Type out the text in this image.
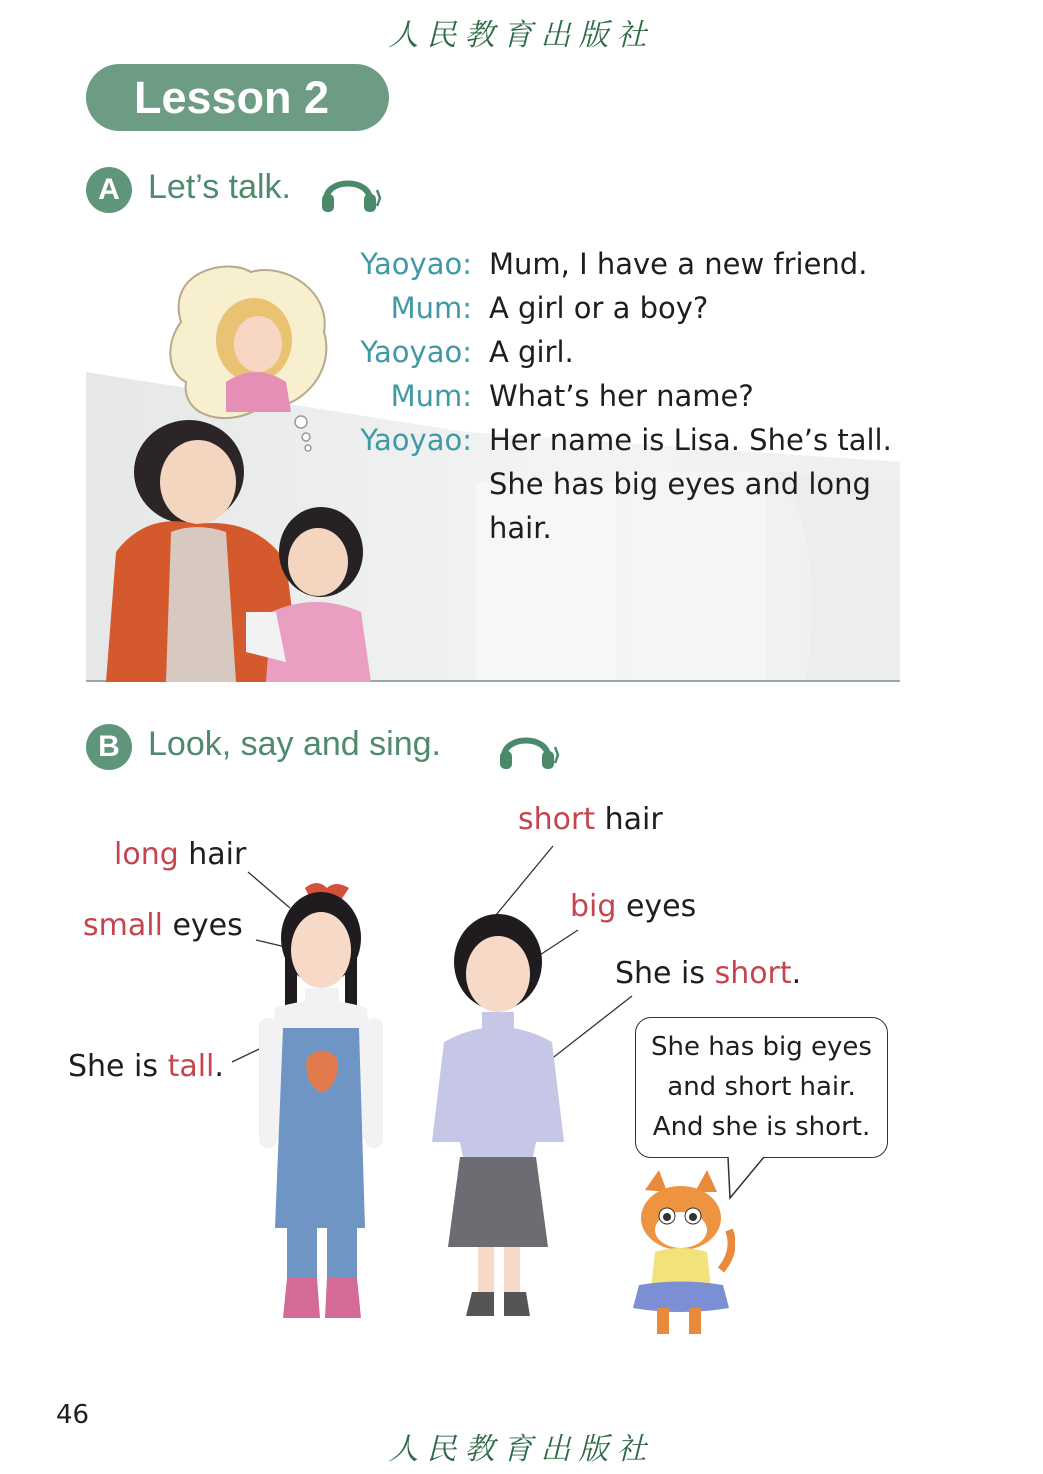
人民教育出版社
Lesson 2
A Let’s talk.
Yaoyao: Mum, I have a new friend.
Mum: A girl or a boy?
Yaoyao: A girl.
Mum: What’s her name?
Yaoyao: Her name is Lisa. She’s tall.
She has big eyes and long
hair.
B Look, say and sing.
short hair
long hair
big eyes
small eyes
She is short.
She is tall.
She has big eyes
and short hair.
And she is short.
46
人民教育出版社
